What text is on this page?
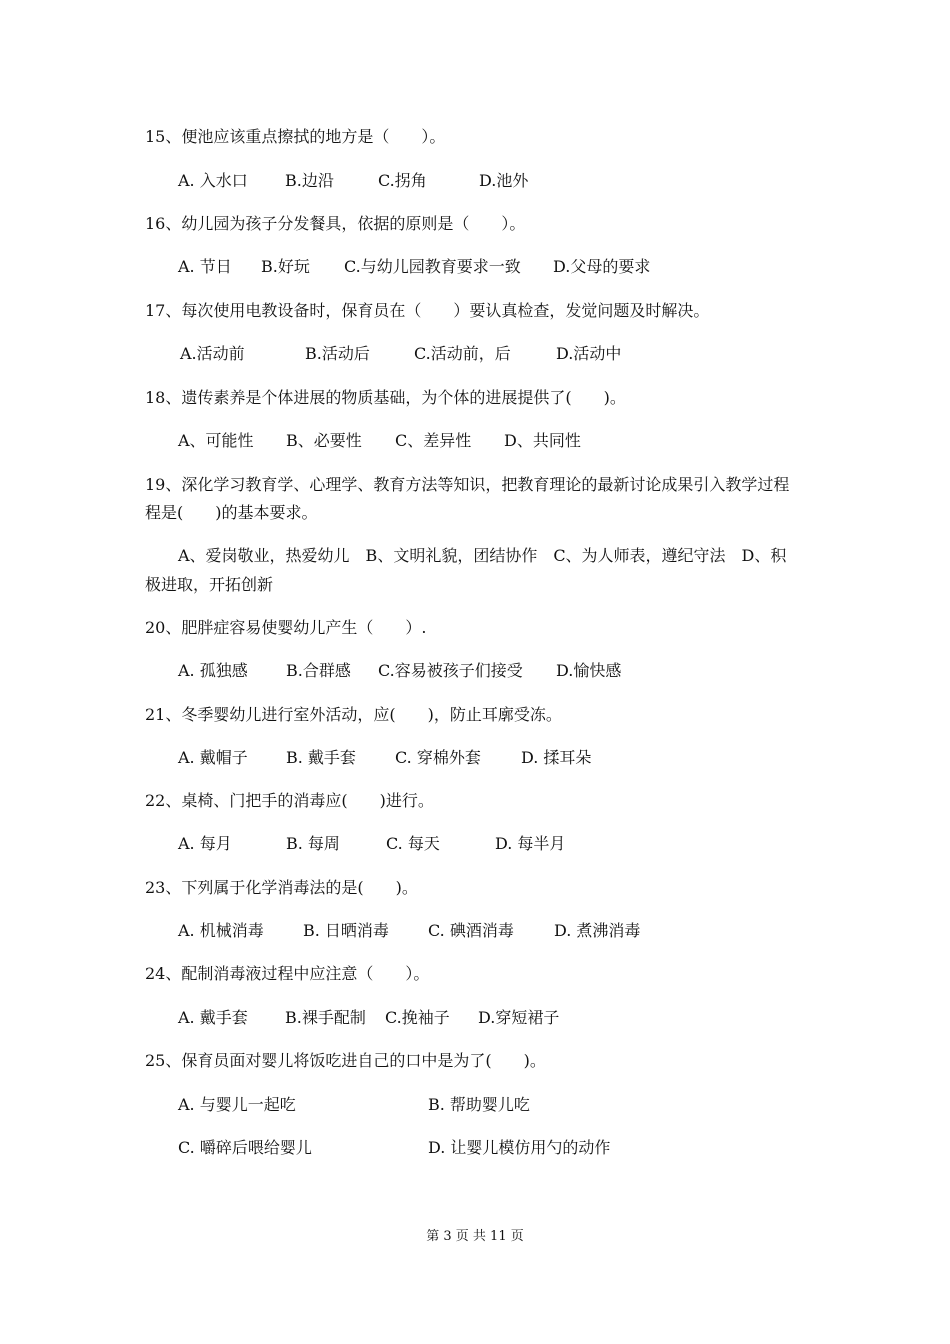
15、便池应该重点擦拭的地方是（　　）。
A. 入水口 B.边沿	C.拐角	D.池外
16、幼儿园为孩子分发餐具，依据的原则是（　　）。
A. 节日 B.好玩 C.与幼儿园教育要求一致 D.父母的要求
17、每次使用电教设备时，保育员在（　　）要认真检查，发觉问题及时解决。
A.活动前	B.活动后	C.活动前，后	D.活动中
18、遗传素养是个体进展的物质基础，为个体的进展提供了(　　)。
A、可能性 B、必要性 C、差异性 D、共同性
19、深化学习教育学、心理学、教育方法等知识，把教育理论的最新讨论成果引入教学过程
程是(　　)的基本要求。
A、爱岗敬业，热爱幼儿　B、文明礼貌，团结协作　C、为人师表，遵纪守法　D、积
极进取，开拓创新
20、肥胖症容易使婴幼儿产生（　　）.
A. 孤独感 B.合群感 C.容易被孩子们接受 D.愉快感
21、冬季婴幼儿进行室外活动，应(　　)，防止耳廓受冻。
A. 戴帽子 B. 戴手套 C. 穿棉外套	D. 揉耳朵
22、桌椅、门把手的消毒应(　　)进行。
A. 每月	B. 每周	C. 每天	D. 每半月
23、下列属于化学消毒法的是(　　)。
A. 机械消毒 B. 日晒消毒 C. 碘酒消毒	D. 煮沸消毒
24、配制消毒液过程中应注意（　　）。
A. 戴手套 B.裸手配制 C.挽袖子 D.穿短裙子
25、保育员面对婴儿将饭吃进自己的口中是为了(　　)。
A. 与婴儿一起吃	B. 帮助婴儿吃
C. 嚼碎后喂给婴儿	D. 让婴儿模仿用勺的动作
第 3 页 共 11 页
